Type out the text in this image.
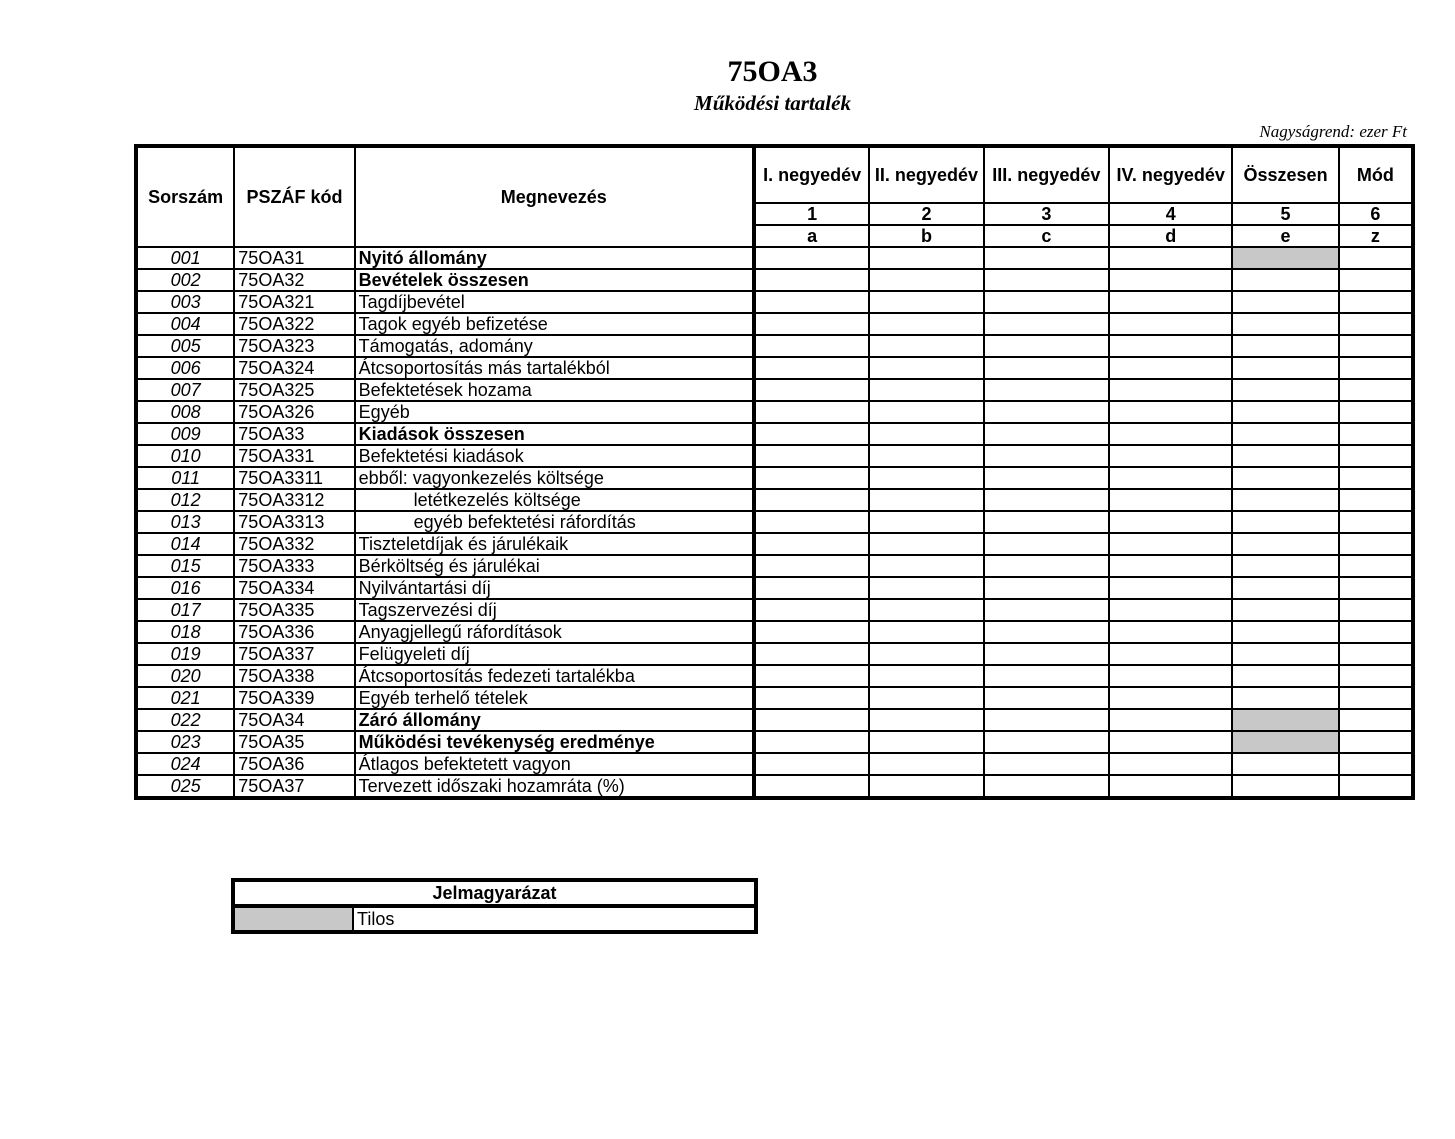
75OA3
Működési tartalék
Nagyságrend: ezer Ft
Sorszám	PSZÁF kód	Megnevezés	I. negyedév	II. negyedév	III. negyedév	IV. negyedév	Összesen	Mód
			1	2	3	4	5	6
			a	b	c	d	e	z
001	75OA31	Nyitó állomány						
002	75OA32	Bevételek összesen						
003	75OA321	Tagdíjbevétel						
004	75OA322	Tagok egyéb befizetése						
005	75OA323	Támogatás, adomány						
006	75OA324	Átcsoportosítás más tartalékból						
007	75OA325	Befektetések hozama						
008	75OA326	Egyéb						
009	75OA33	Kiadások összesen						
010	75OA331	Befektetési kiadások						
011	75OA3311	ebből: vagyonkezelés költsége						
012	75OA3312	letétkezelés költsége						
013	75OA3313	egyéb befektetési ráfordítás						
014	75OA332	Tiszteletdíjak és járulékaik						
015	75OA333	Bérköltség és járulékai						
016	75OA334	Nyilvántartási díj						
017	75OA335	Tagszervezési díj						
018	75OA336	Anyagjellegű ráfordítások						
019	75OA337	Felügyeleti díj						
020	75OA338	Átcsoportosítás fedezeti tartalékba						
021	75OA339	Egyéb terhelő tételek						
022	75OA34	Záró állomány						
023	75OA35	Működési tevékenység eredménye						
024	75OA36	Átlagos befektetett vagyon						
025	75OA37	Tervezett időszaki hozamráta (%)						
Jelmagyarázat
	Tilos
